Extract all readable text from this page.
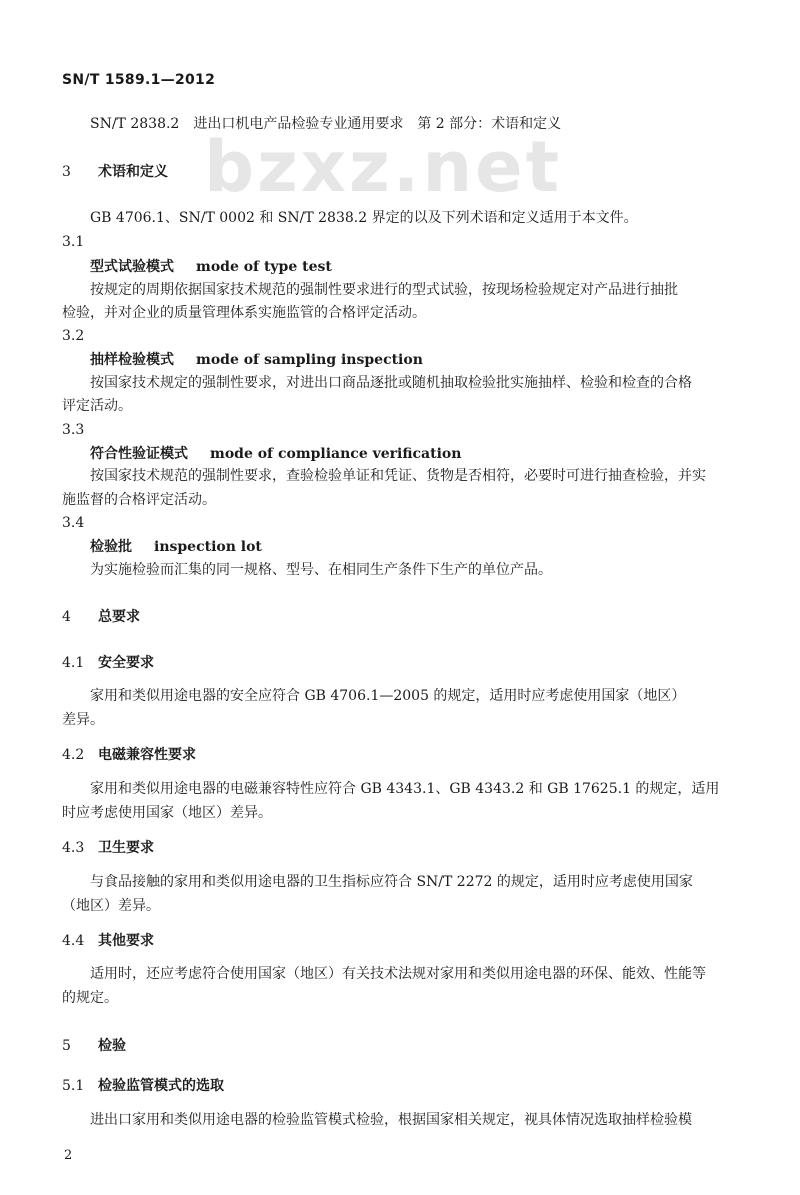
SN/T 1589.1—2012
bzxz.net
SN/T 2838.2　进出口机电产品检验专业通用要求　第 2 部分：术语和定义
3 术语和定义
GB 4706.1、SN/T 0002 和 SN/T 2838.2 界定的以及下列术语和定义适用于本文件。
3.1
型式试验模式 mode of type test
按规定的周期依据国家技术规范的强制性要求进行的型式试验，按现场检验规定对产品进行抽批
检验，并对企业的质量管理体系实施监管的合格评定活动。
3.2
抽样检验模式 mode of sampling inspection
按国家技术规定的强制性要求，对进出口商品逐批或随机抽取检验批实施抽样、检验和检查的合格
评定活动。
3.3
符合性验证模式 mode of compliance verification
按国家技术规范的强制性要求，查验检验单证和凭证、货物是否相符，必要时可进行抽查检验，并实
施监督的合格评定活动。
3.4
检验批 inspection lot
为实施检验而汇集的同一规格、型号、在相同生产条件下生产的单位产品。
4 总要求
4.1 安全要求
家用和类似用途电器的安全应符合 GB 4706.1—2005 的规定，适用时应考虑使用国家（地区）
差异。
4.2 电磁兼容性要求
家用和类似用途电器的电磁兼容特性应符合 GB 4343.1、GB 4343.2 和 GB 17625.1 的规定，适用
时应考虑使用国家（地区）差异。
4.3 卫生要求
与食品接触的家用和类似用途电器的卫生指标应符合 SN/T 2272 的规定，适用时应考虑使用国家
（地区）差异。
4.4 其他要求
适用时，还应考虑符合使用国家（地区）有关技术法规对家用和类似用途电器的环保、能效、性能等
的规定。
5 检验
5.1 检验监管模式的选取
进出口家用和类似用途电器的检验监管模式检验，根据国家相关规定，视具体情况选取抽样检验模
2
